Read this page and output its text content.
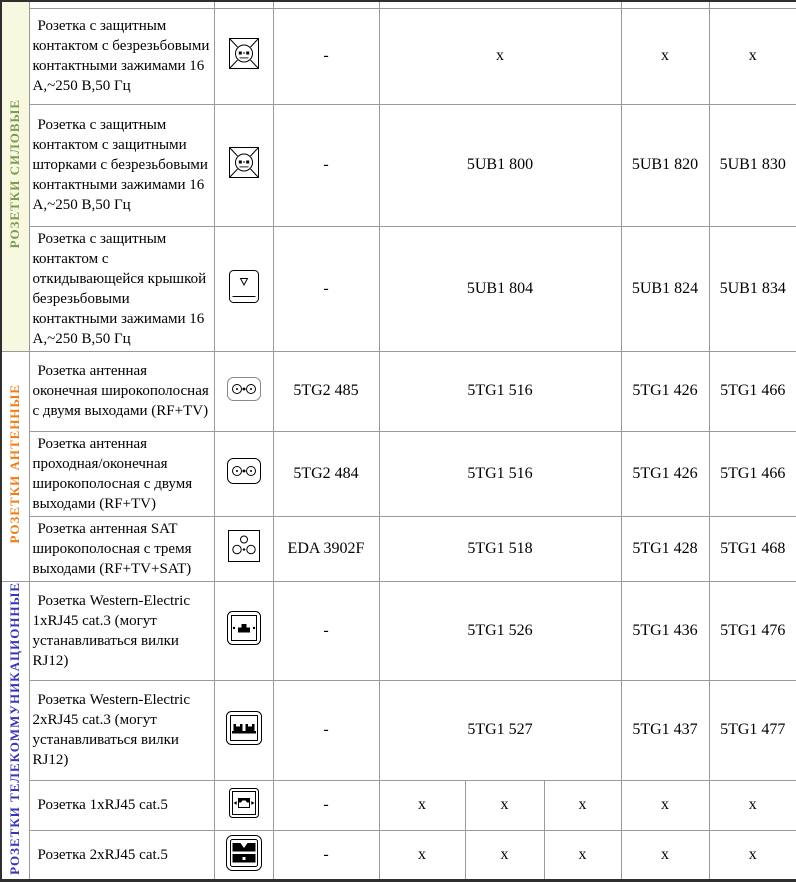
РОЗЕТКИ СИЛОВЫЕ								
	Розетка с защитным контактом с безрезьбовыми контактными зажимами 16 А,~250 В,50 Гц		-	x			x	x
	Розетка с защитным контактом с защитными шторками с безрезьбовыми контактными зажимами 16 А,~250 В,50 Гц		-	5UB1 800			5UB1 820	5UB1 830
	Розетка с защитным контактом с откидывающейся крышкой безрезьбовыми контактными зажимами 16 А,~250 В,50 Гц		-	5UB1 804			5UB1 824	5UB1 834
РОЗЕТКИ АНТЕННЫЕ	Розетка антенная оконечная широкополосная с двумя выходами (RF+TV)		5TG2 485	5TG1 516			5TG1 426	5TG1 466
	Розетка антенная проходная/оконечная широкополосная с двумя выходами (RF+TV)		5TG2 484	5TG1 516			5TG1 426	5TG1 466
	Розетка антенная SAT широкополосная с тремя выходами (RF+TV+SAT)		EDA 3902F	5TG1 518			5TG1 428	5TG1 468
РОЗЕТКИ ТЕЛЕКОММУНИКАЦИОННЫЕ	Розетка Western-Electric 1xRJ45 cat.3 (могут устанавливаться вилки RJ12)		-	5TG1 526			5TG1 436	5TG1 476
	Розетка Western-Electric 2xRJ45 cat.3 (могут устанавливаться вилки RJ12)		-	5TG1 527			5TG1 437	5TG1 477
	Розетка 1xRJ45 cat.5		-	x	x	x	x	x
	Розетка 2xRJ45 cat.5		-	x	x	x	x	x
